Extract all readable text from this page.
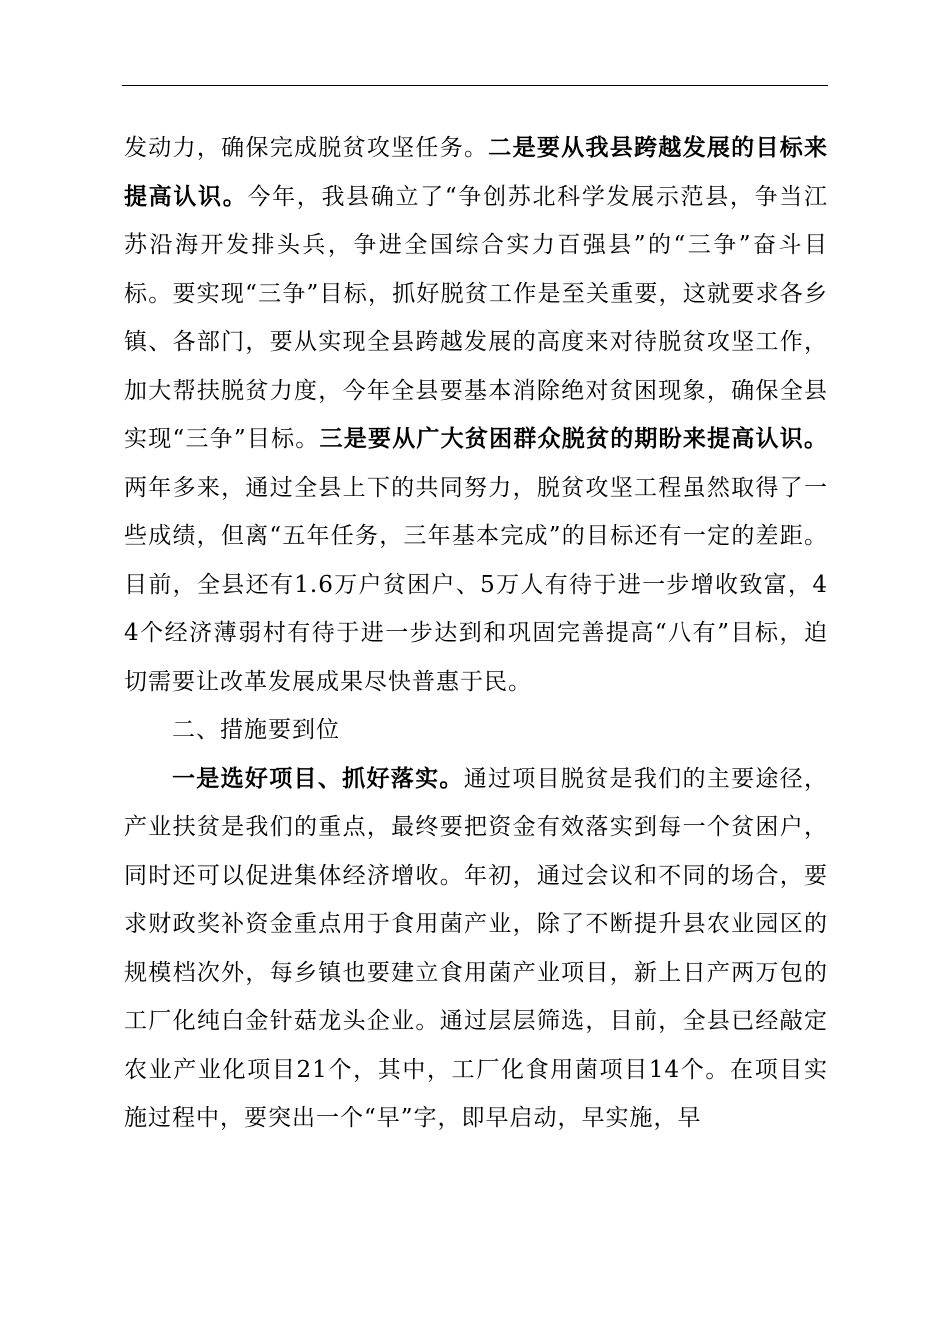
发动力，确保完成脱贫攻坚任务。二是要从我县跨越发展的目标来提高认识。今年，我县确立了“争创苏北科学发展示范县，争当江苏沿海开发排头兵，争进全国综合实力百强县”的“三争”奋斗目标。要实现“三争”目标，抓好脱贫工作是至关重要，这就要求各乡镇、各部门，要从实现全县跨越发展的高度来对待脱贫攻坚工作，加大帮扶脱贫力度，今年全县要基本消除绝对贫困现象，确保全县实现“三争”目标。三是要从广大贫困群众脱贫的期盼来提高认识。两年多来，通过全县上下的共同努力，脱贫攻坚工程虽然取得了一些成绩，但离“五年任务，三年基本完成”的目标还有一定的差距。目前，全县还有1.6万户贫困户、5万人有待于进一步增收致富，44个经济薄弱村有待于进一步达到和巩固完善提高“八有”目标，迫切需要让改革发展成果尽快普惠于民。

二、措施要到位

一是选好项目、抓好落实。通过项目脱贫是我们的主要途径，产业扶贫是我们的重点，最终要把资金有效落实到每一个贫困户，同时还可以促进集体经济增收。年初，通过会议和不同的场合，要求财政奖补资金重点用于食用菌产业，除了不断提升县农业园区的规模档次外，每乡镇也要建立食用菌产业项目，新上日产两万包的工厂化纯白金针菇龙头企业。通过层层筛选，目前，全县已经敲定农业产业化项目21个，其中，工厂化食用菌项目14个。在项目实施过程中，要突出一个“早”字，即早启动，早实施，早
